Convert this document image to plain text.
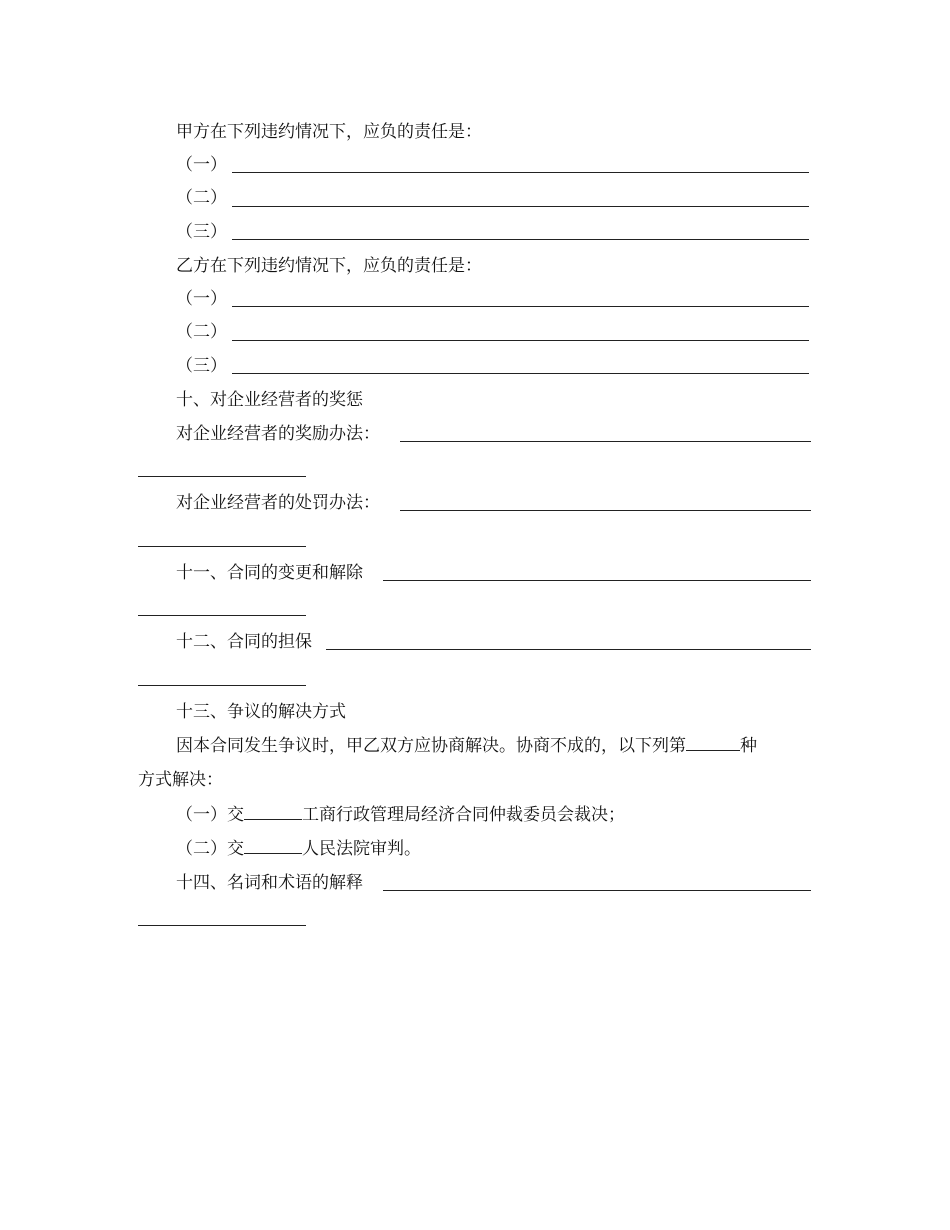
甲方在下列违约情况下，应负的责任是：
（一）
（二）
（三）
乙方在下列违约情况下，应负的责任是：
（一）
（二）
（三）
十、对企业经营者的奖惩
对企业经营者的奖励办法：
对企业经营者的处罚办法：
十一、合同的变更和解除
十二、合同的担保
十三、争议的解决方式
因本合同发生争议时，甲乙双方应协商解决。协商不成的，以下列第	种
方式解决：
（一）交	工商行政管理局经济合同仲裁委员会裁决；
（二）交	人民法院审判。
十四、名词和术语的解释
